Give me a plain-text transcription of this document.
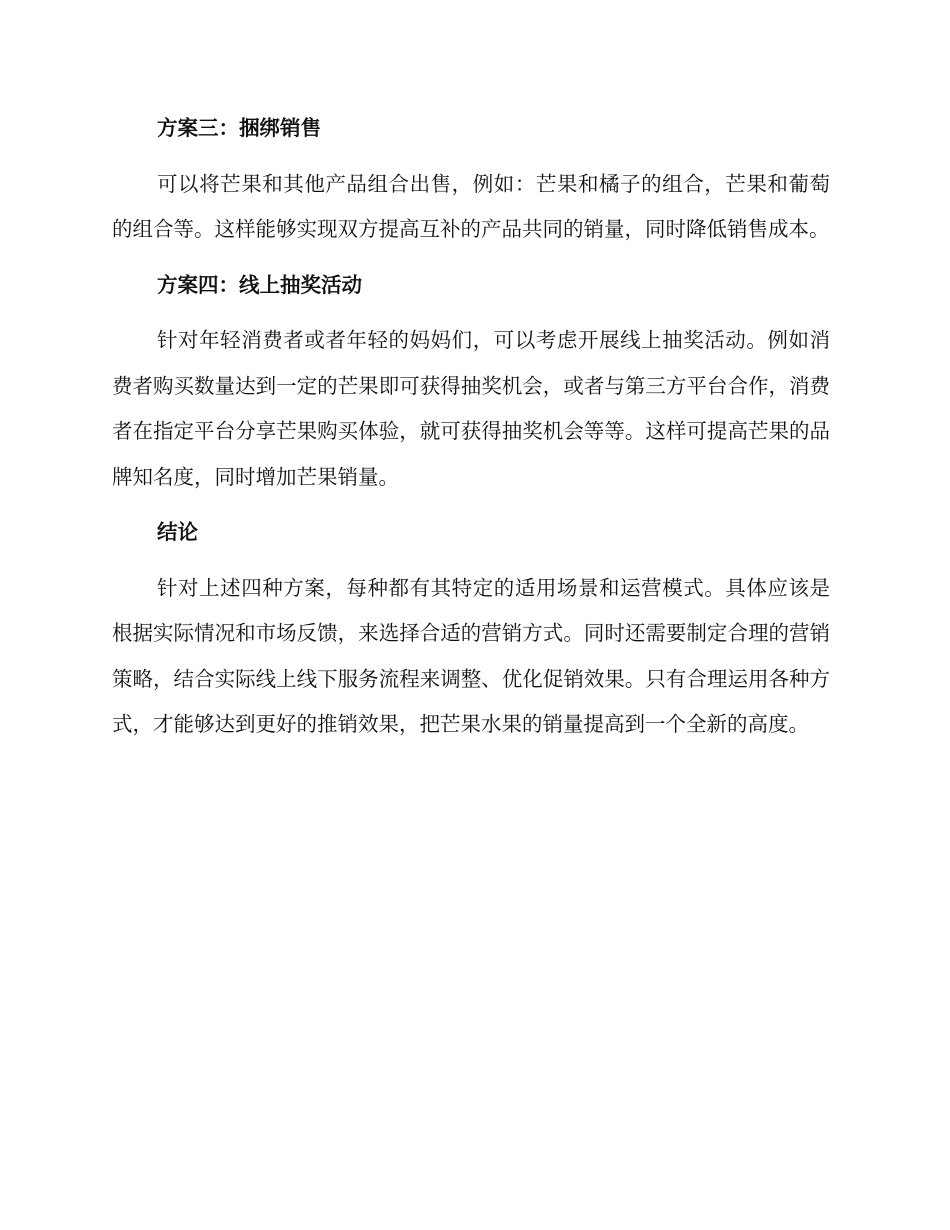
方案三：捆绑销售
可以将芒果和其他产品组合出售，例如：芒果和橘子的组合，芒果和葡萄的组合等。这样能够实现双方提高互补的产品共同的销量，同时降低销售成本。
方案四：线上抽奖活动
针对年轻消费者或者年轻的妈妈们，可以考虑开展线上抽奖活动。例如消费者购买数量达到一定的芒果即可获得抽奖机会，或者与第三方平台合作，消费者在指定平台分享芒果购买体验，就可获得抽奖机会等等。这样可提高芒果的品牌知名度，同时增加芒果销量。
结论
针对上述四种方案，每种都有其特定的适用场景和运营模式。具体应该是根据实际情况和市场反馈，来选择合适的营销方式。同时还需要制定合理的营销策略，结合实际线上线下服务流程来调整、优化促销效果。只有合理运用各种方式，才能够达到更好的推销效果，把芒果水果的销量提高到一个全新的高度。
